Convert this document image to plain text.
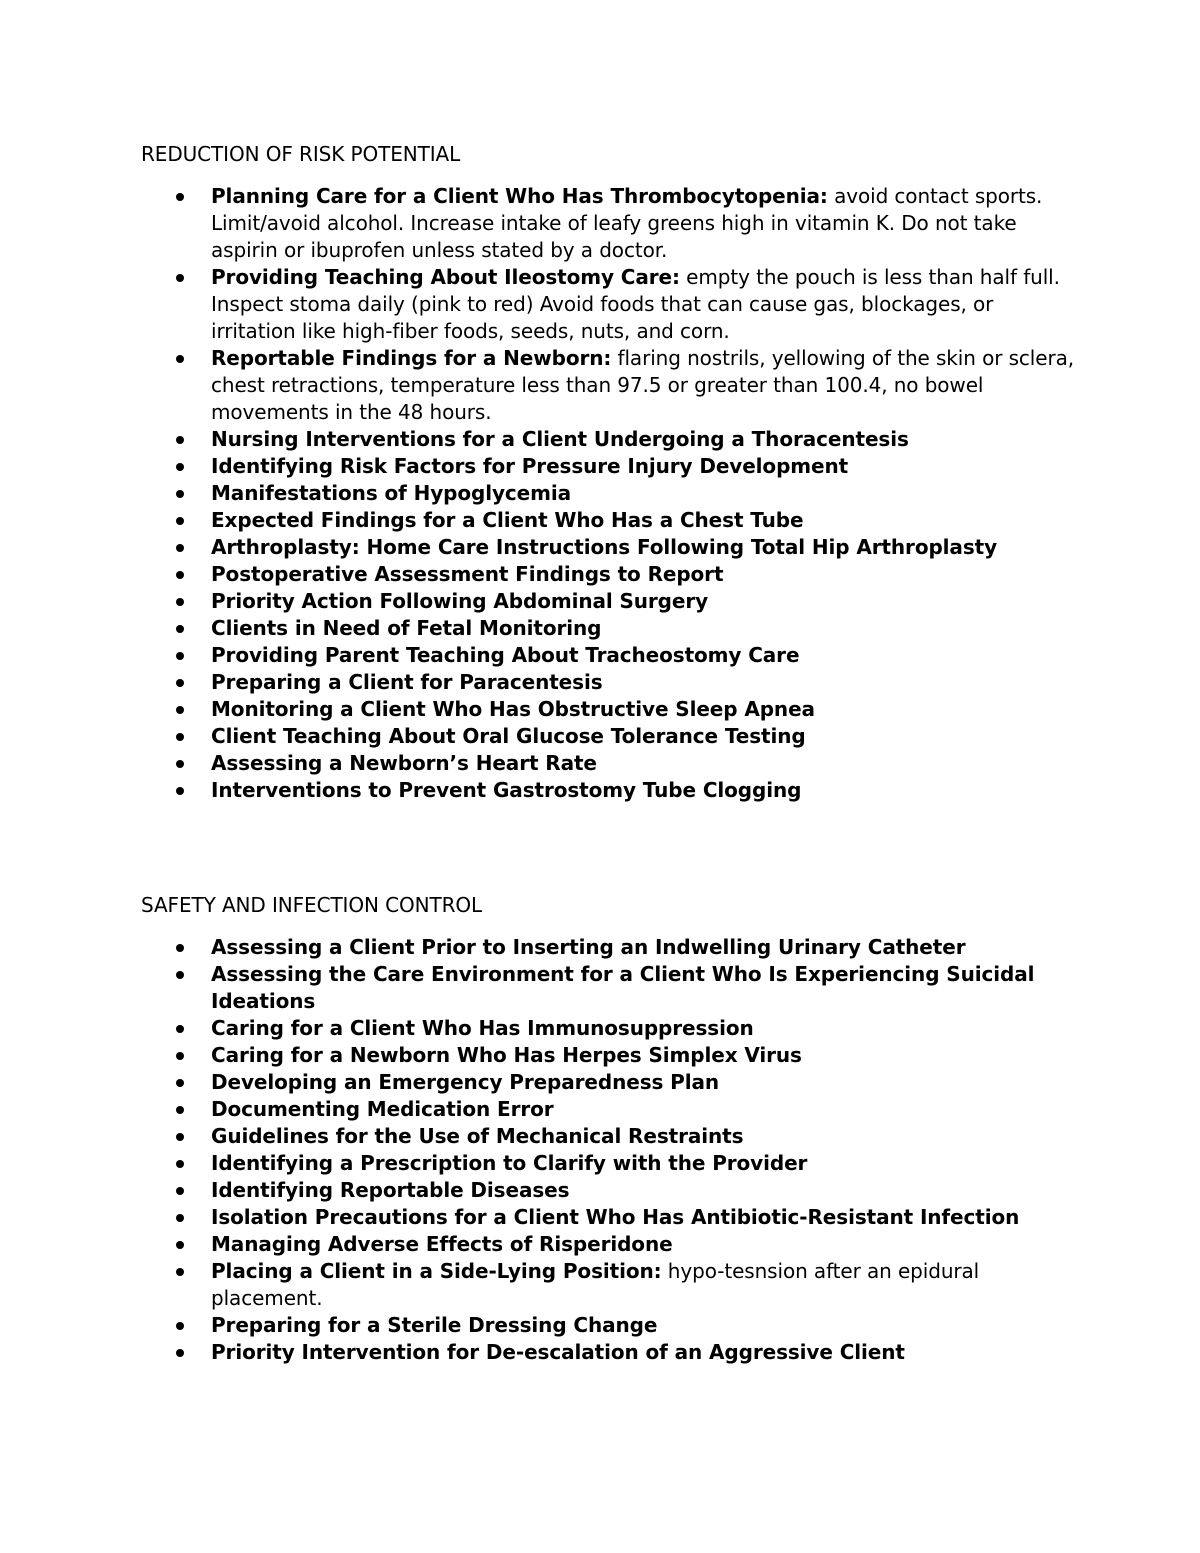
REDUCTION OF RISK POTENTIAL
Planning Care for a Client Who Has Thrombocytopenia: avoid contact sports. Limit/avoid alcohol. Increase intake of leafy greens high in vitamin K. Do not take aspirin or ibuprofen unless stated by a doctor.
Providing Teaching About Ileostomy Care: empty the pouch is less than half full. Inspect stoma daily (pink to red) Avoid foods that can cause gas, blockages, or irritation like high-fiber foods, seeds, nuts, and corn.
Reportable Findings for a Newborn: flaring nostrils, yellowing of the skin or sclera, chest retractions, temperature less than 97.5 or greater than 100.4, no bowel movements in the 48 hours.
Nursing Interventions for a Client Undergoing a Thoracentesis
Identifying Risk Factors for Pressure Injury Development
Manifestations of Hypoglycemia
Expected Findings for a Client Who Has a Chest Tube
Arthroplasty: Home Care Instructions Following Total Hip Arthroplasty
Postoperative Assessment Findings to Report
Priority Action Following Abdominal Surgery
Clients in Need of Fetal Monitoring
Providing Parent Teaching About Tracheostomy Care
Preparing a Client for Paracentesis
Monitoring a Client Who Has Obstructive Sleep Apnea
Client Teaching About Oral Glucose Tolerance Testing
Assessing a Newborn’s Heart Rate
Interventions to Prevent Gastrostomy Tube Clogging
SAFETY AND INFECTION CONTROL
Assessing a Client Prior to Inserting an Indwelling Urinary Catheter
Assessing the Care Environment for a Client Who Is Experiencing Suicidal Ideations
Caring for a Client Who Has Immunosuppression
Caring for a Newborn Who Has Herpes Simplex Virus
Developing an Emergency Preparedness Plan
Documenting Medication Error
Guidelines for the Use of Mechanical Restraints
Identifying a Prescription to Clarify with the Provider
Identifying Reportable Diseases
Isolation Precautions for a Client Who Has Antibiotic-Resistant Infection
Managing Adverse Effects of Risperidone
Placing a Client in a Side-Lying Position: hypo-tesnsion after an epidural placement.
Preparing for a Sterile Dressing Change
Priority Intervention for De-escalation of an Aggressive Client
